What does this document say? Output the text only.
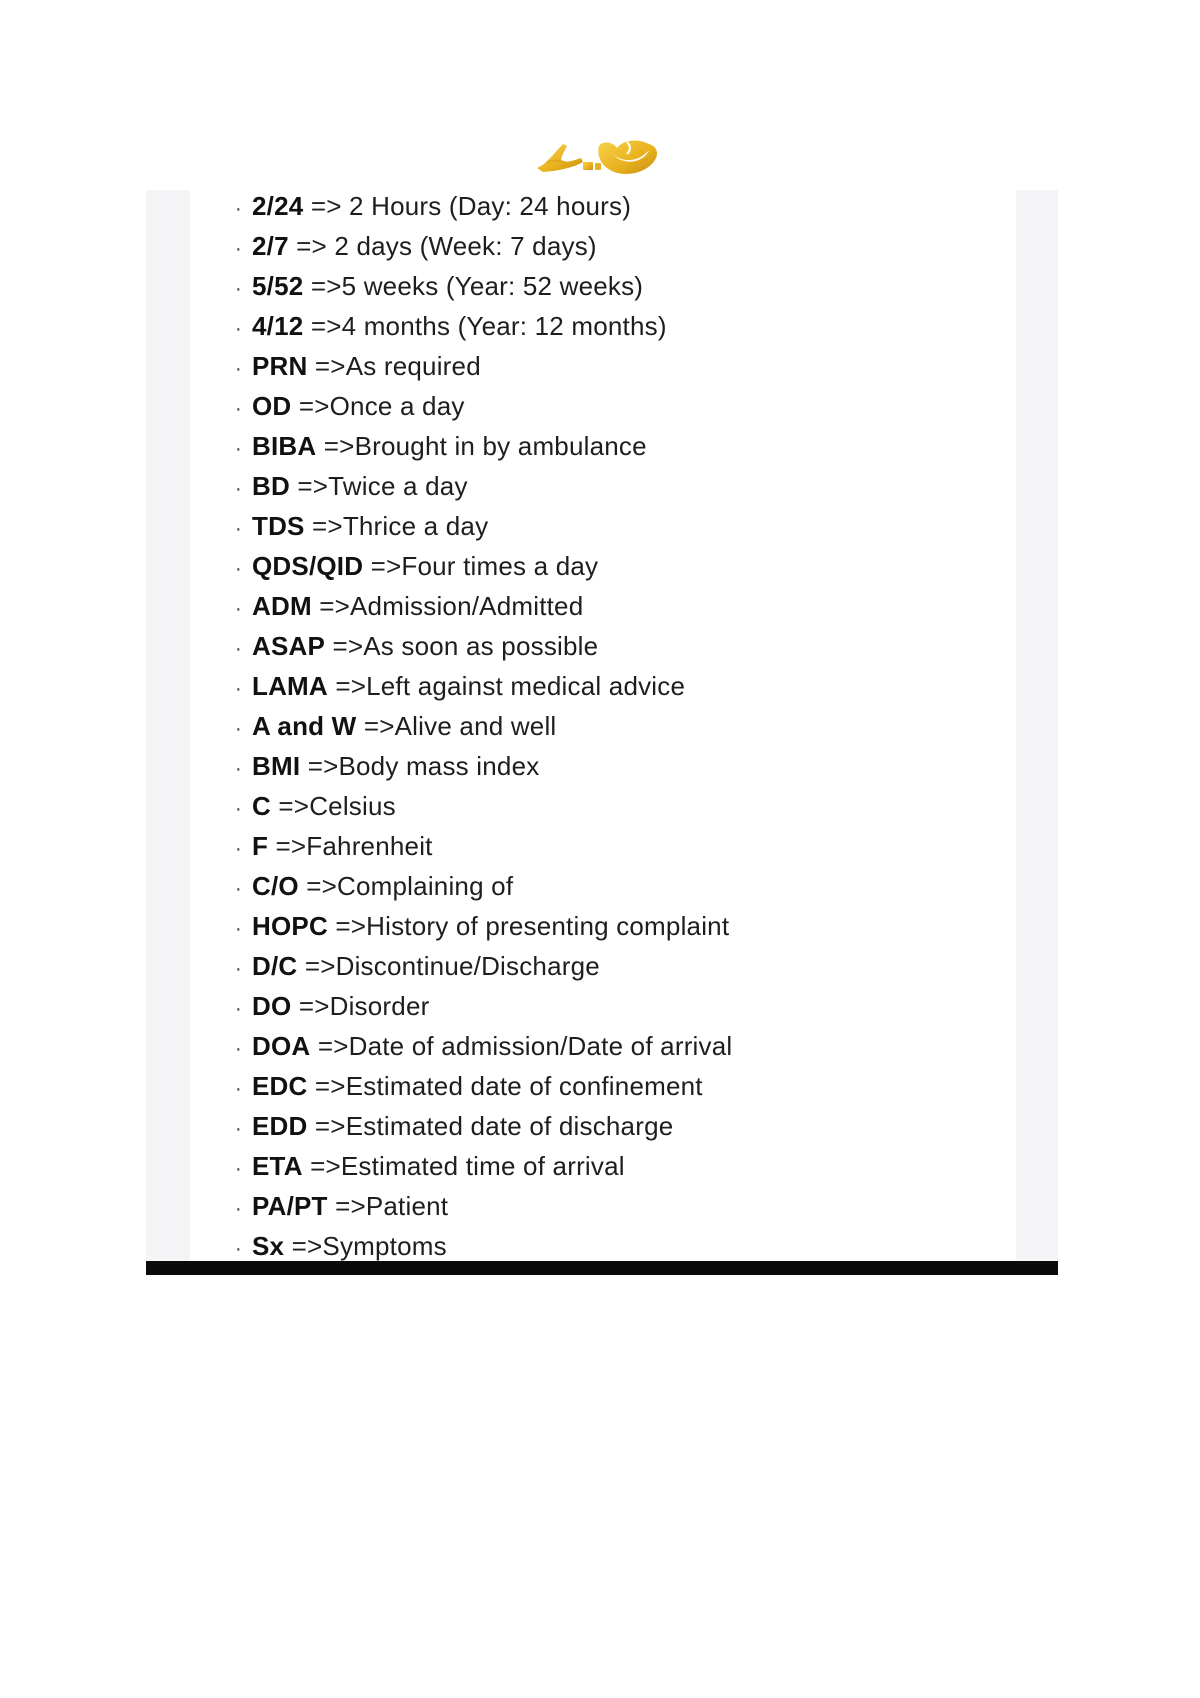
· 2/24 => 2 Hours (Day: 24 hours)
· 2/7 => 2 days (Week: 7 days)
· 5/52 =>5 weeks (Year: 52 weeks)
· 4/12 =>4 months (Year: 12 months)
· PRN =>As required
· OD =>Once a day
· BIBA =>Brought in by ambulance
· BD =>Twice a day
· TDS =>Thrice a day
· QDS/QID =>Four times a day
· ADM =>Admission/Admitted
· ASAP =>As soon as possible
· LAMA =>Left against medical advice
· A and W =>Alive and well
· BMI =>Body mass index
· C =>Celsius
· F =>Fahrenheit
· C/O =>Complaining of
· HOPC =>History of presenting complaint
· D/C =>Discontinue/Discharge
· DO =>Disorder
· DOA =>Date of admission/Date of arrival
· EDC =>Estimated date of confinement
· EDD =>Estimated date of discharge
· ETA =>Estimated time of arrival
· PA/PT =>Patient
· Sx =>Symptoms
